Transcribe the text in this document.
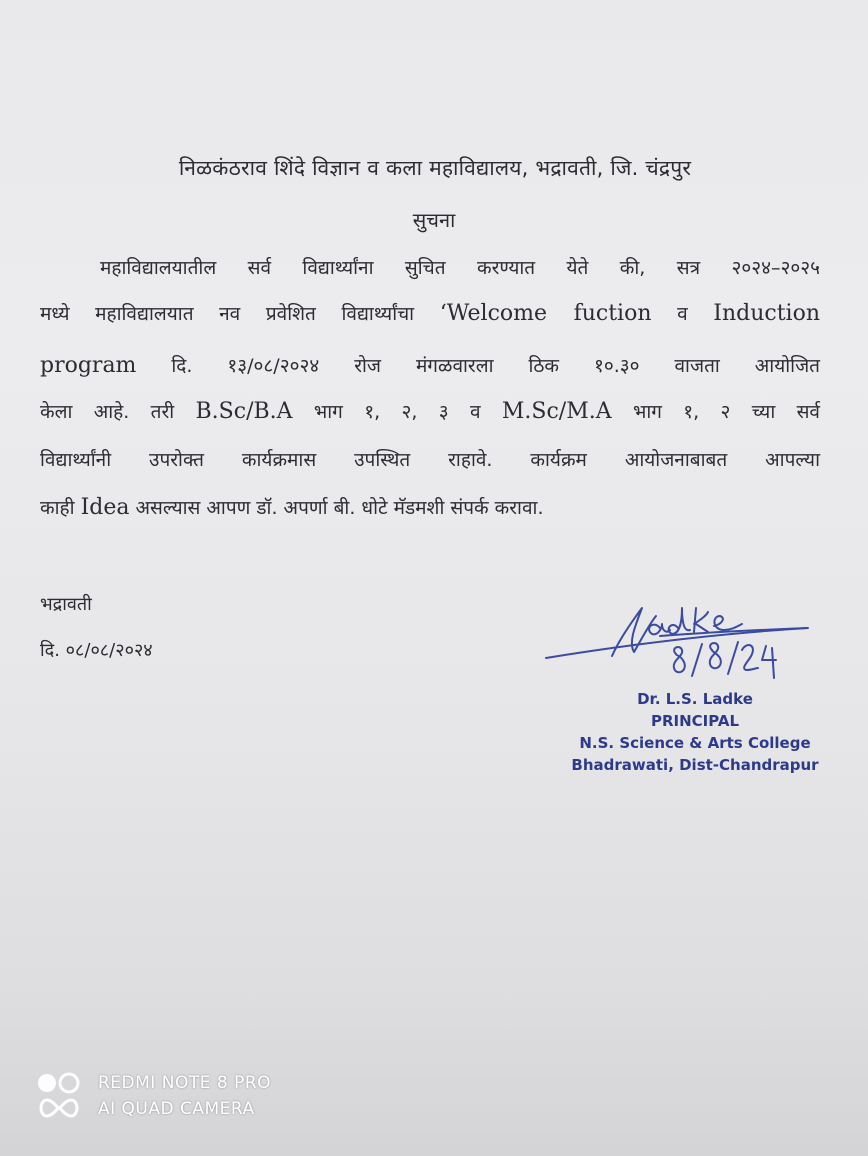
निळकंठराव शिंदे विज्ञान व कला महाविद्यालय, भद्रावती, जि. चंद्रपुर
सुचना
महाविद्यालयातील सर्व विद्यार्थ्यांना सुचित करण्यात येते की, सत्र २०२४–२०२५
मध्ये महाविद्यालयात नव प्रवेशित विद्यार्थ्यांचा ‘Welcome fuction व Induction
program दि. १३/०८/२०२४ रोज मंगळवारला ठिक १०.३० वाजता आयोजित
केला आहे. तरी B.Sc/B.A भाग १, २, ३ व M.Sc/M.A भाग १, २ च्या सर्व
विद्यार्थ्यांनी उपरोक्त कार्यक्रमास उपस्थित राहावे. कार्यक्रम आयोजनाबाबत आपल्या
काही Idea असल्यास आपण डॉ. अपर्णा बी. धोटे मॅडमशी संपर्क करावा.
भद्रावती
दि. ०८/०८/२०२४
Dr. L.S. Ladke
PRINCIPAL
N.S. Science & Arts College
Bhadrawati, Dist-Chandrapur
REDMI NOTE 8 PRO
AI QUAD CAMERA
